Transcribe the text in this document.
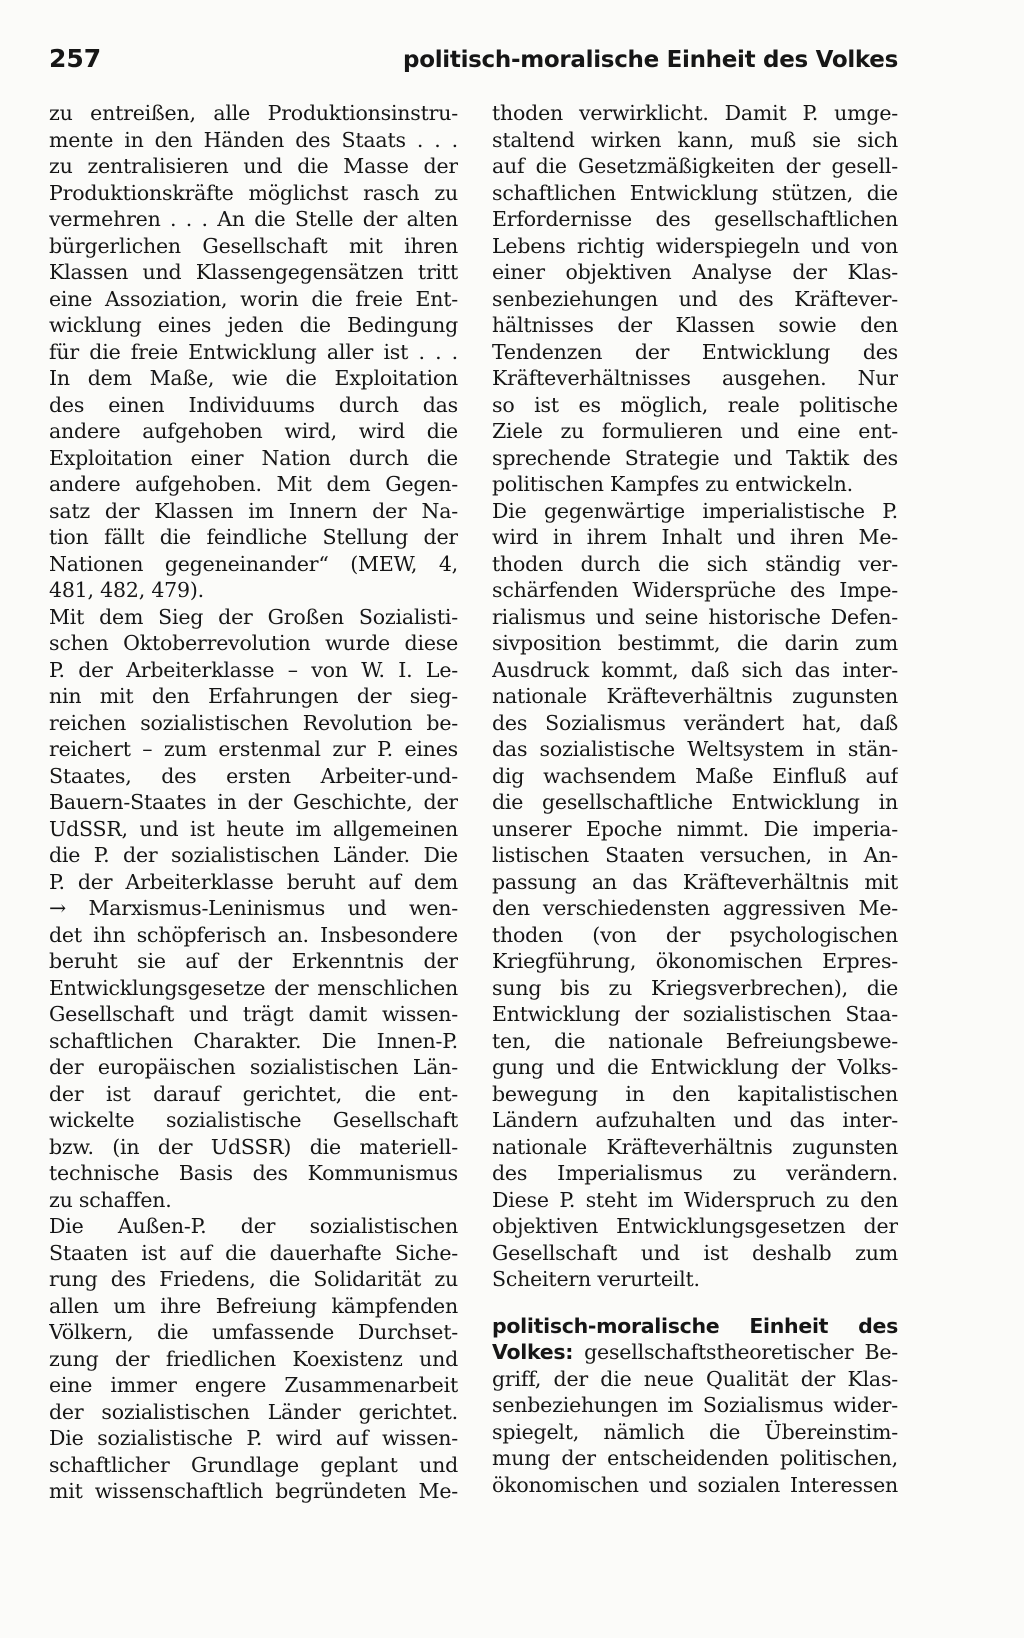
257	politisch-moralische Einheit des Volkes
zu entreißen, alle Produktionsinstru-
mente in den Händen des Staats . . .
zu zentralisieren und die Masse der
Produktionskräfte möglichst rasch zu
vermehren . . . An die Stelle der alten
bürgerlichen Gesellschaft mit ihren
Klassen und Klassengegensätzen tritt
eine Assoziation, worin die freie Ent-
wicklung eines jeden die Bedingung
für die freie Entwicklung aller ist . . .
In dem Maße, wie die Exploitation
des einen Individuums durch das
andere aufgehoben wird, wird die
Exploitation einer Nation durch die
andere aufgehoben. Mit dem Gegen-
satz der Klassen im Innern der Na-
tion fällt die feindliche Stellung der
Nationen gegeneinander“ (MEW, 4,
481, 482, 479).
Mit dem Sieg der Großen Sozialisti-
schen Oktoberrevolution wurde diese
P. der Arbeiterklasse – von W. I. Le-
nin mit den Erfahrungen der sieg-
reichen sozialistischen Revolution be-
reichert – zum erstenmal zur P. eines
Staates, des ersten Arbeiter-und-
Bauern-Staates in der Geschichte, der
UdSSR, und ist heute im allgemeinen
die P. der sozialistischen Länder. Die
P. der Arbeiterklasse beruht auf dem
→ Marxismus-Leninismus und wen-
det ihn schöpferisch an. Insbesondere
beruht sie auf der Erkenntnis der
Entwicklungsgesetze der menschlichen
Gesellschaft und trägt damit wissen-
schaftlichen Charakter. Die Innen-P.
der europäischen sozialistischen Län-
der ist darauf gerichtet, die ent-
wickelte sozialistische Gesellschaft
bzw. (in der UdSSR) die materiell-
technische Basis des Kommunismus
zu schaffen.
Die Außen-P. der sozialistischen
Staaten ist auf die dauerhafte Siche-
rung des Friedens, die Solidarität zu
allen um ihre Befreiung kämpfenden
Völkern, die umfassende Durchset-
zung der friedlichen Koexistenz und
eine immer engere Zusammenarbeit
der sozialistischen Länder gerichtet.
Die sozialistische P. wird auf wissen-
schaftlicher Grundlage geplant und
mit wissenschaftlich begründeten Me-
thoden verwirklicht. Damit P. umge-
staltend wirken kann, muß sie sich
auf die Gesetzmäßigkeiten der gesell-
schaftlichen Entwicklung stützen, die
Erfordernisse des gesellschaftlichen
Lebens richtig widerspiegeln und von
einer objektiven Analyse der Klas-
senbeziehungen und des Kräftever-
hältnisses der Klassen sowie den
Tendenzen der Entwicklung des
Kräfteverhältnisses ausgehen. Nur
so ist es möglich, reale politische
Ziele zu formulieren und eine ent-
sprechende Strategie und Taktik des
politischen Kampfes zu entwickeln.
Die gegenwärtige imperialistische P.
wird in ihrem Inhalt und ihren Me-
thoden durch die sich ständig ver-
schärfenden Widersprüche des Impe-
rialismus und seine historische Defen-
sivposition bestimmt, die darin zum
Ausdruck kommt, daß sich das inter-
nationale Kräfteverhältnis zugunsten
des Sozialismus verändert hat, daß
das sozialistische Weltsystem in stän-
dig wachsendem Maße Einfluß auf
die gesellschaftliche Entwicklung in
unserer Epoche nimmt. Die imperia-
listischen Staaten versuchen, in An-
passung an das Kräfteverhältnis mit
den verschiedensten aggressiven Me-
thoden (von der psychologischen
Kriegführung, ökonomischen Erpres-
sung bis zu Kriegsverbrechen), die
Entwicklung der sozialistischen Staa-
ten, die nationale Befreiungsbewe-
gung und die Entwicklung der Volks-
bewegung in den kapitalistischen
Ländern aufzuhalten und das inter-
nationale Kräfteverhältnis zugunsten
des Imperialismus zu verändern.
Diese P. steht im Widerspruch zu den
objektiven Entwicklungsgesetzen der
Gesellschaft und ist deshalb zum
Scheitern verurteilt.
politisch-moralische Einheit des
Volkes: gesellschaftstheoretischer Be-
griff, der die neue Qualität der Klas-
senbeziehungen im Sozialismus wider-
spiegelt, nämlich die Übereinstim-
mung der entscheidenden politischen,
ökonomischen und sozialen Interessen
